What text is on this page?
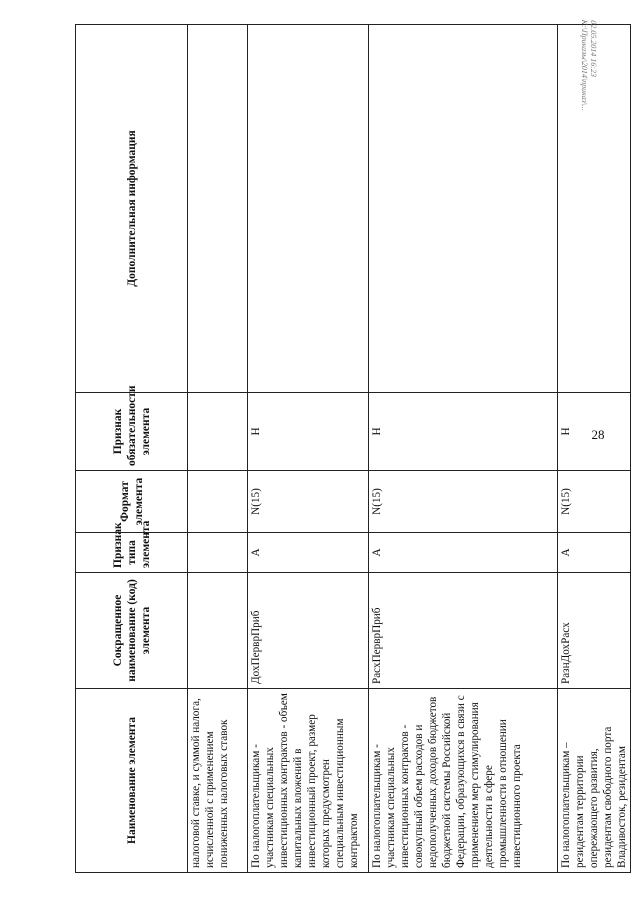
28
Наименование элемента	Сокращенное наименование (код) элемента	Признак типа элемента	Формат элемента	Признак обязательности элемента	Дополнительная информация
налоговой ставке, и суммой налога, исчисленной с применением пониженных налоговых ставок					
По налогоплательщикам - участникам специальных инвестиционных контрактов - объем капитальных вложений в инвестиционный проект, размер которых предусмотрен специальным инвестиционным контрактом	ДохПерврПриб	А	N(15)	Н	
По налогоплательщикам - участникам специальных инвестиционных контрактов - совокупный объем расходов и недополученных доходов бюджетов бюджетной системы Российской Федерации, образующихся в связи с применением мер стимулирования деятельности в сфере промышленности в отношении инвестиционного проекта	РасхПерврПриб	А	N(15)	Н	
По налогоплательщикам – резидентам территории опережающего развития, резидентам свободного порта Владивосток, резидентам	РазнДохРасх	А	N(15)	Н	
02.05.2014 16:23
К:\Приказы\2014\приказ\...
